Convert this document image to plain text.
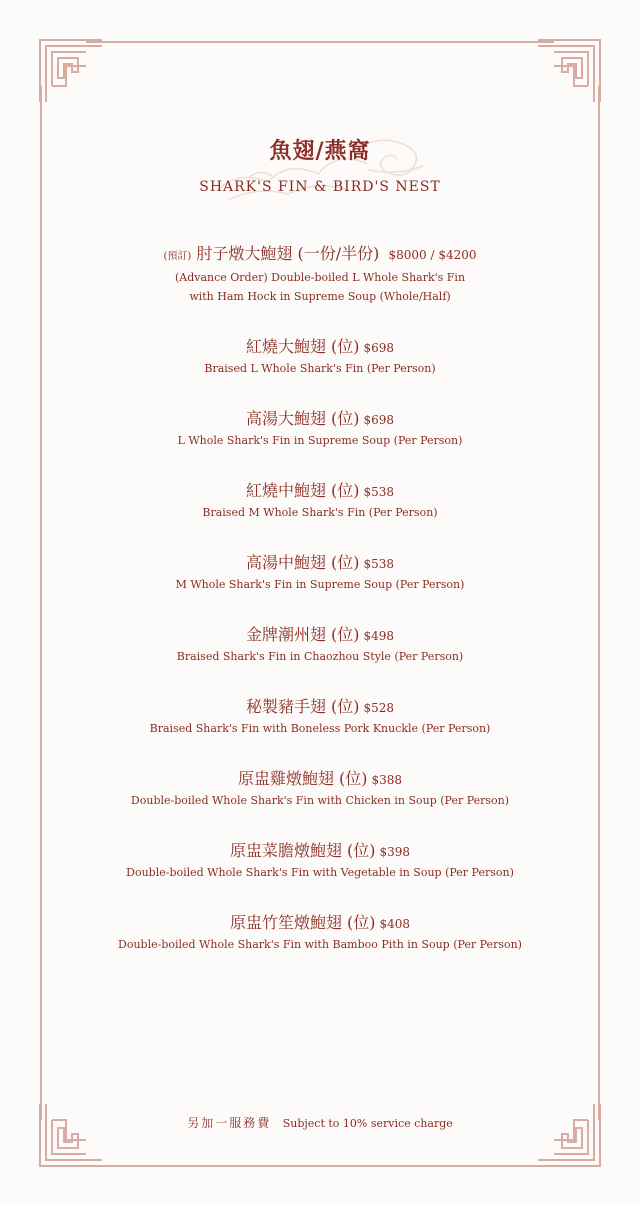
魚翅/燕窩
SHARK'S FIN & BIRD'S NEST
(預訂) 肘子燉大鮑翅 (一份/半份) $8000 / $4200
(Advance Order) Double-boiled L Whole Shark's Fin
with Ham Hock in Supreme Soup (Whole/Half)
紅燒大鮑翅 (位) $698
Braised L Whole Shark's Fin (Per Person)
高湯大鮑翅 (位) $698
L Whole Shark's Fin in Supreme Soup (Per Person)
紅燒中鮑翅 (位) $538
Braised M Whole Shark's Fin (Per Person)
高湯中鮑翅 (位) $538
M Whole Shark's Fin in Supreme Soup (Per Person)
金牌潮州翅 (位) $498
Braised Shark's Fin in Chaozhou Style (Per Person)
秘製豬手翅 (位) $528
Braised Shark's Fin with Boneless Pork Knuckle (Per Person)
原盅雞燉鮑翅 (位) $388
Double-boiled Whole Shark's Fin with Chicken in Soup (Per Person)
原盅菜膽燉鮑翅 (位) $398
Double-boiled Whole Shark's Fin with Vegetable in Soup (Per Person)
原盅竹笙燉鮑翅 (位) $408
Double-boiled Whole Shark's Fin with Bamboo Pith in Soup (Per Person)
另加一服務費 Subject to 10% service charge
